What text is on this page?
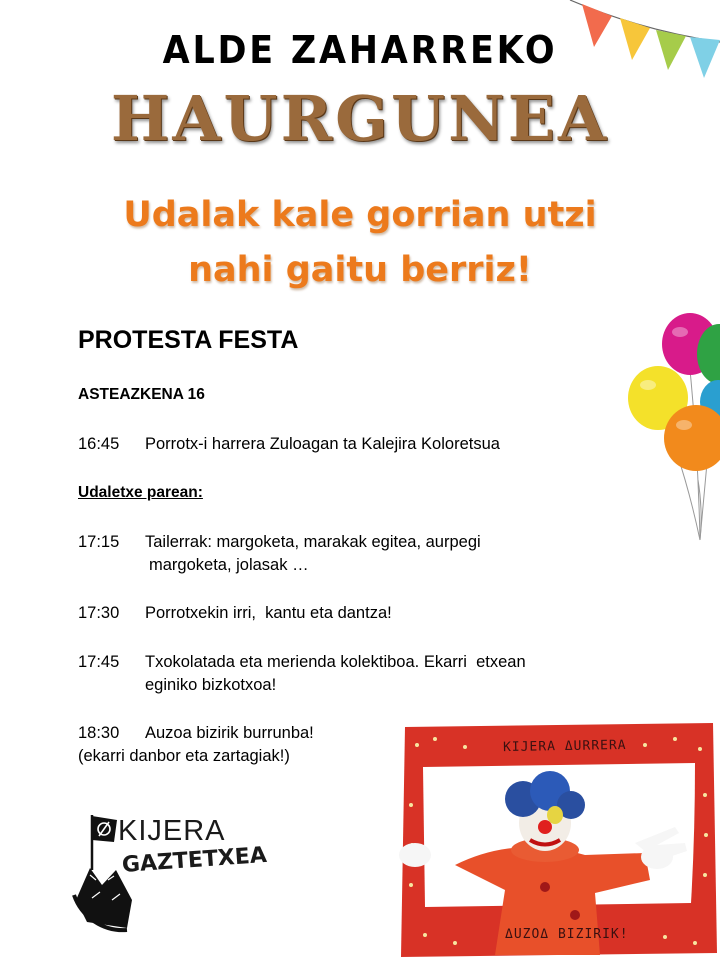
ALDE ZAHARREKO
HAURGUNEA
Udalak kale gorrian utzi
nahi gaitu berriz!
PROTESTA FESTA
ASTEAZKENA 16
16:45 Porrotx-i harrera Zuloagan ta Kalejira Koloretsua
Udaletxe parean:
17:15 Tailerrak: margoketa, marakak egitea, aurpegi
margoketa, jolasak …
17:30 Porrotxekin irri,  kantu eta dantza!
17:45 Txokolatada eta merienda kolektiboa. Ekarri  etxean
eginiko bizkotxoa!
18:30 Auzoa bizirik burrunba!
(ekarri danbor eta zartagiak!)
KIJERA ΔURRERA
ΔUZOΔ BIZIRIK!
KIJERA
GAZTETXEA
